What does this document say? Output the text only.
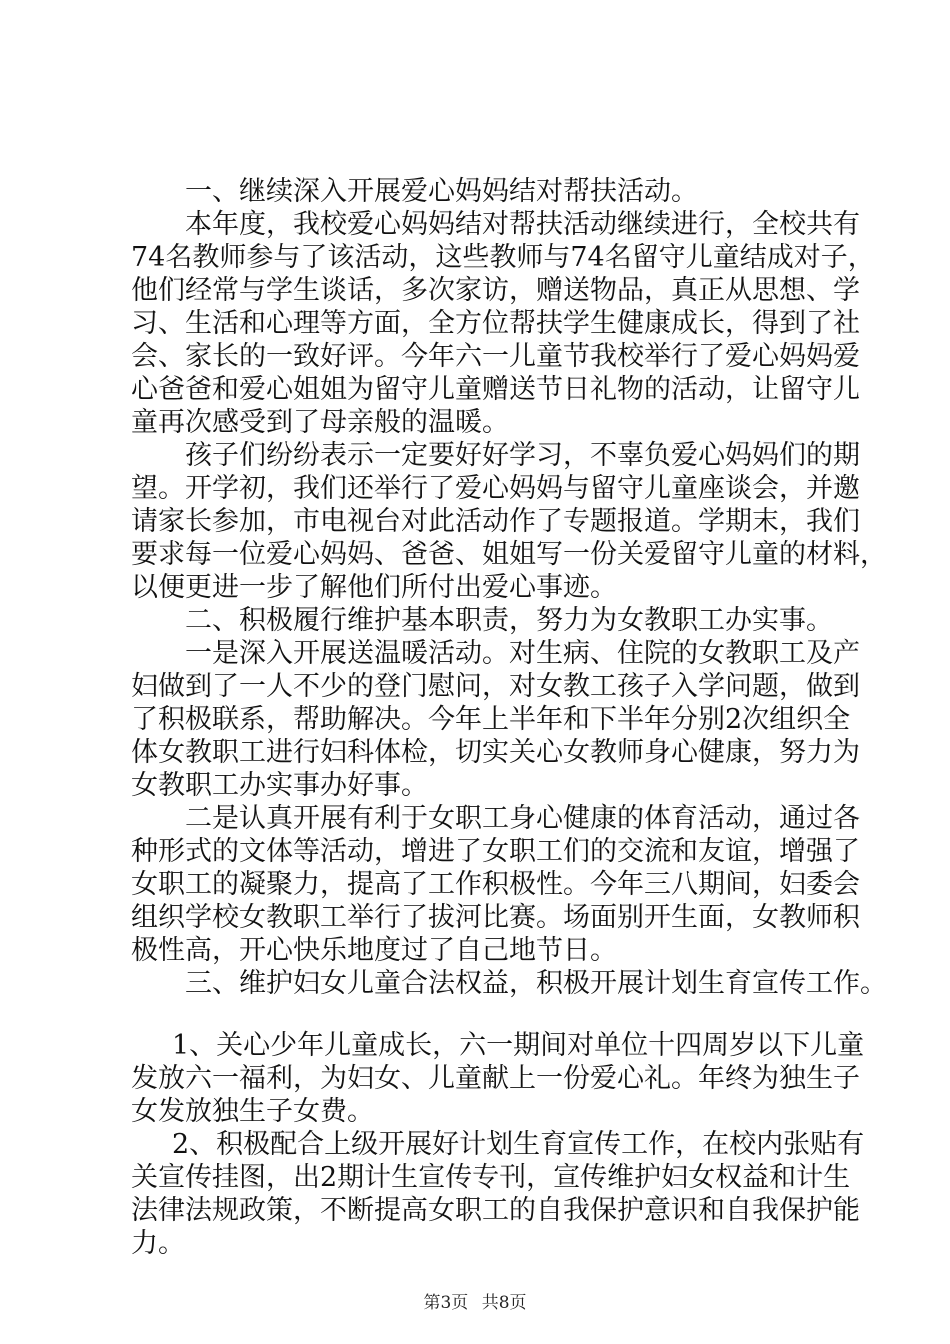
一、继续深入开展爱心妈妈结对帮扶活动。

本年度，我校爱心妈妈结对帮扶活动继续进行，全校共有

74名教师参与了该活动，这些教师与74名留守儿童结成对子，

他们经常与学生谈话，多次家访，赠送物品，真正从思想、学

习、生活和心理等方面，全方位帮扶学生健康成长，得到了社

会、家长的一致好评。今年六一儿童节我校举行了爱心妈妈爱

心爸爸和爱心姐姐为留守儿童赠送节日礼物的活动，让留守儿

童再次感受到了母亲般的温暖。

孩子们纷纷表示一定要好好学习，不辜负爱心妈妈们的期

望。开学初，我们还举行了爱心妈妈与留守儿童座谈会，并邀

请家长参加，市电视台对此活动作了专题报道。学期末，我们

要求每一位爱心妈妈、爸爸、姐姐写一份关爱留守儿童的材料，

以便更进一步了解他们所付出爱心事迹。

二、积极履行维护基本职责，努力为女教职工办实事。

一是深入开展送温暖活动。对生病、住院的女教职工及产

妇做到了一人不少的登门慰问，对女教工孩子入学问题，做到

了积极联系，帮助解决。今年上半年和下半年分别2次组织全

体女教职工进行妇科体检，切实关心女教师身心健康，努力为

女教职工办实事办好事。

二是认真开展有利于女职工身心健康的体育活动，通过各

种形式的文体等活动，增进了女职工们的交流和友谊，增强了

女职工的凝聚力，提高了工作积极性。今年三八期间，妇委会

组织学校女教职工举行了拔河比赛。场面别开生面，女教师积

极性高，开心快乐地度过了自己地节日。

三、维护妇女儿童合法权益，积极开展计划生育宣传工作。

1、关心少年儿童成长，六一期间对单位十四周岁以下儿童

发放六一福利，为妇女、儿童献上一份爱心礼。年终为独生子

女发放独生子女费。

2、积极配合上级开展好计划生育宣传工作，在校内张贴有

关宣传挂图，出2期计生宣传专刊，宣传维护妇女权益和计生

法律法规政策，不断提高女职工的自我保护意识和自我保护能

力。

第3页 共8页
